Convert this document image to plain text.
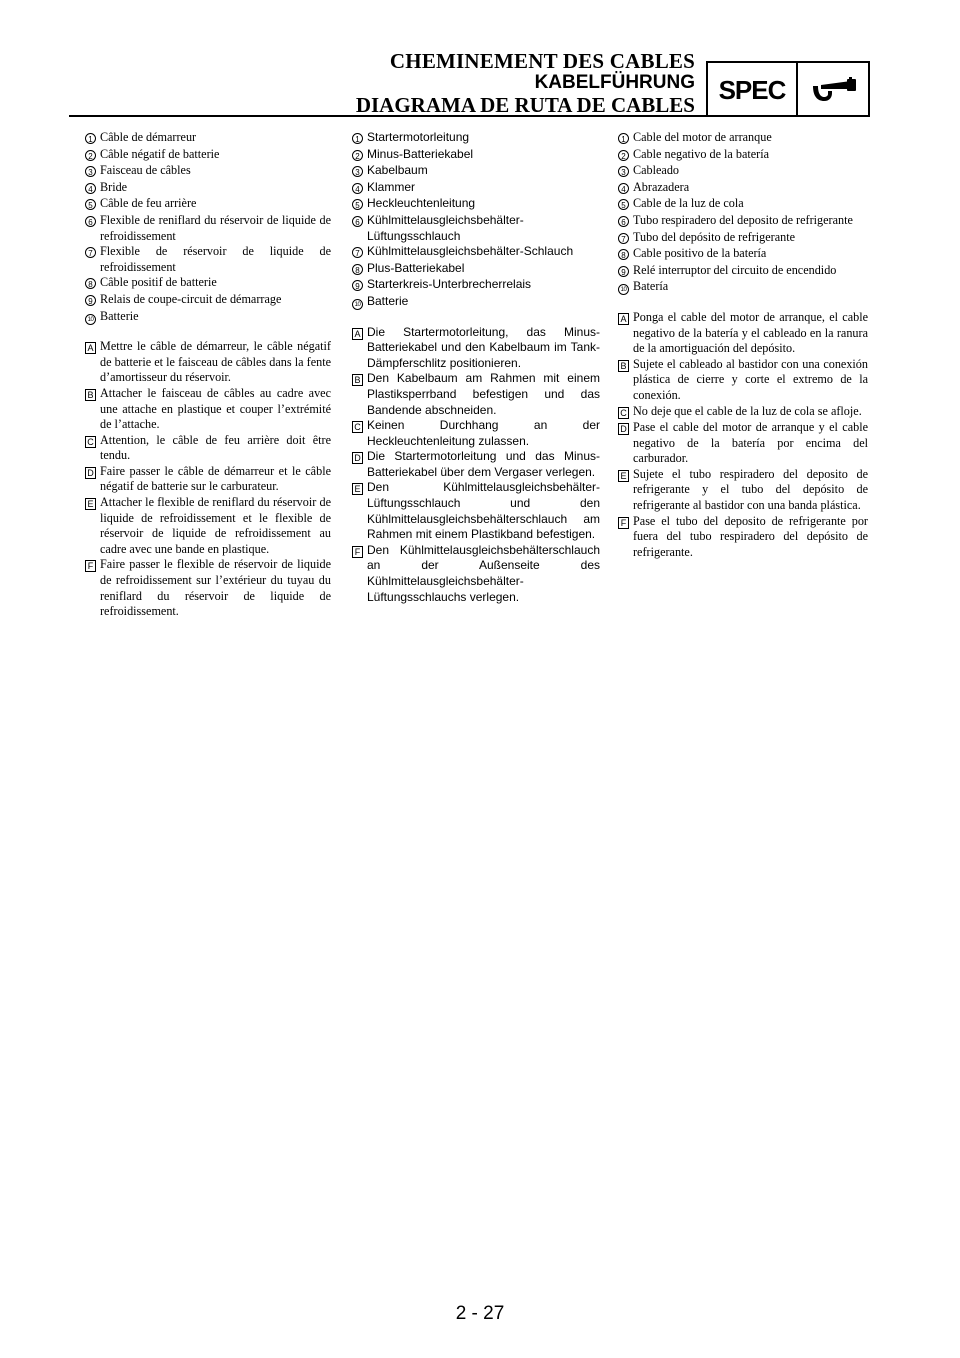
CHEMINEMENT DES CABLES
KABELFÜHRUNG
DIAGRAMA DE RUTA DE CABLES
SPEC
1 Câble de démarreur
2 Câble négatif de batterie
3 Faisceau de câbles
4 Bride
5 Câble de feu arrière
6 Flexible de reniflard du réservoir de liquide de refroidissement
7 Flexible de réservoir de liquide de refroidissement
8 Câble positif de batterie
9 Relais de coupe-circuit de démarrage
10 Batterie
A Mettre le câble de démarreur, le câble négatif de batterie et le faisceau de câbles dans la fente d’amortisseur du réservoir.
B Attacher le faisceau de câbles au cadre avec une attache en plastique et couper l’extrémité de l’attache.
C Attention, le câble de feu arrière doit être tendu.
D Faire passer le câble de démarreur et le câble négatif de batterie sur le carburateur.
E Attacher le flexible de reniflard du réservoir de liquide de refroidissement et le flexible de réservoir de liquide de refroidissement au cadre avec une bande en plastique.
F Faire passer le flexible de réservoir de liquide de refroidissement sur l’extérieur du tuyau du reniflard du réservoir de liquide de refroidissement.
1 Startermotorleitung
2 Minus-Batteriekabel
3 Kabelbaum
4 Klammer
5 Heckleuchtenleitung
6 Kühlmittelausgleichsbehälter-Lüftungsschlauch
7 Kühlmittelausgleichsbehälter-Schlauch
8 Plus-Batteriekabel
9 Starterkreis-Unterbrecherrelais
10 Batterie
A Die Startermotorleitung, das Minus-Batteriekabel und den Kabelbaum im Tank-Dämpferschlitz positionieren.
B Den Kabelbaum am Rahmen mit einem Plastiksperrband befestigen und das Bandende abschneiden.
C Keinen Durchhang an der Heckleuchtenleitung zulassen.
D Die Startermotorleitung und das Minus-Batteriekabel über dem Vergaser verlegen.
E Den Kühlmittelausgleichsbehälter-Lüftungsschlauch und den Kühlmittelausgleichsbehälterschlauch am Rahmen mit einem Plastikband befestigen.
F Den Kühlmittelausgleichsbehälterschlauch an der Außenseite des Kühlmittelausgleichsbehälter-Lüftungsschlauchs verlegen.
1 Cable del motor de arranque
2 Cable negativo de la batería
3 Cableado
4 Abrazadera
5 Cable de la luz de cola
6 Tubo respiradero del deposito de refrigerante
7 Tubo del depósito de refrigerante
8 Cable positivo de la batería
9 Relé interruptor del circuito de encendido
10 Batería
A Ponga el cable del motor de arranque, el cable negativo de la batería y el cableado en la ranura de la amortiguación del depósito.
B Sujete el cableado al bastidor con una conexión plástica de cierre y corte el extremo de la conexión.
C No deje que el cable de la luz de cola se afloje.
D Pase el cable del motor de arranque y el cable negativo de la batería por encima del carburador.
E Sujete el tubo respiradero del deposito de refrigerante y el tubo del depósito de refrigerante al bastidor con una banda plástica.
F Pase el tubo del deposito de refrigerante por fuera del tubo respiradero del depósito de refrigerante.
2 - 27
